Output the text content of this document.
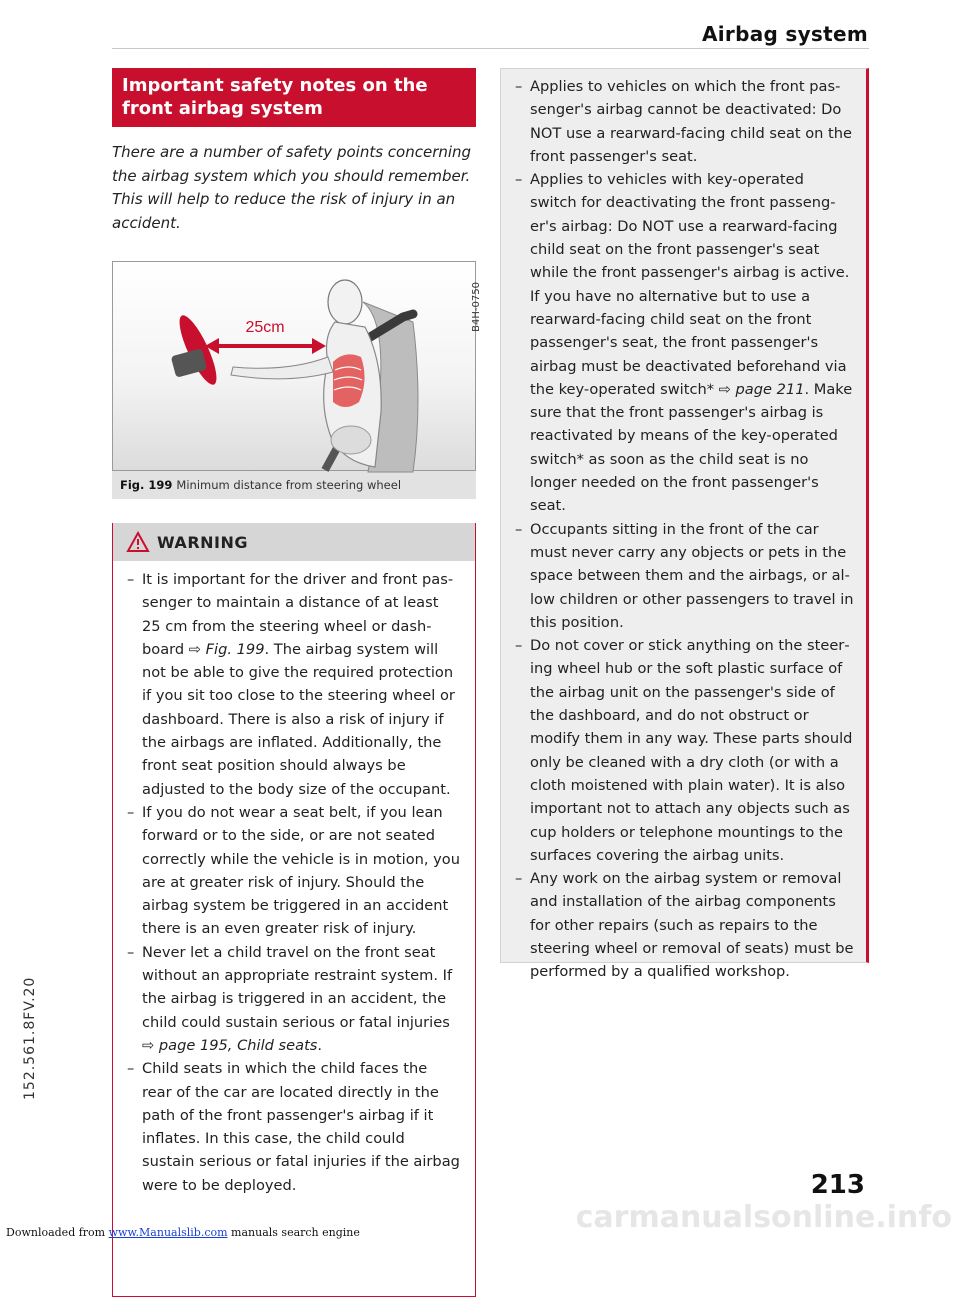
Airbag system
152.561.8FV.20
Important safety notes on the front airbag system

There are a number of safety points concerning the airbag system which you should remember. This will help to reduce the risk of injury in an accident.

25cm	B4H-0750
Fig. 199 Minimum distance from steering wheel
WARNING
– It is important for the driver and front passenger to maintain a distance of at least 25 cm from the steering wheel or dashboard ⇨ Fig. 199. The airbag system will not be able to give the required protection if you sit too close to the steering wheel or dashboard. There is also a risk of injury if the airbags are inflated. Additionally, the front seat position should always be adjusted to the body size of the occupant.
– If you do not wear a seat belt, if you lean forward or to the side, or are not seated correctly while the vehicle is in motion, you are at greater risk of injury. Should the airbag system be triggered in an accident there is an even greater risk of injury.
– Never let a child travel on the front seat without an appropriate restraint system. If the airbag is triggered in an accident, the child could sustain serious or fatal injuries ⇨ page 195, Child seats.
– Child seats in which the child faces the rear of the car are located directly in the path of the front passenger's airbag if it inflates. In this case, the child could sustain serious or fatal injuries if the airbag were to be deployed.
– Applies to vehicles on which the front passenger's airbag cannot be deactivated: Do NOT use a rearward-facing child seat on the front passenger's seat.
– Applies to vehicles with key-operated switch for deactivating the front passenger's airbag: Do NOT use a rearward-facing child seat on the front passenger's seat while the front passenger's airbag is active. If you have no alternative but to use a rearward-facing child seat on the front passenger's seat, the front passenger's airbag must be deactivated beforehand via the key-operated switch* ⇨ page 211. Make sure that the front passenger's airbag is reactivated by means of the key-operated switch* as soon as the child seat is no longer needed on the front passenger's seat.
– Occupants sitting in the front of the car must never carry any objects or pets in the space between them and the airbags, or allow children or other passengers to travel in this position.
– Do not cover or stick anything on the steering wheel hub or the soft plastic surface of the airbag unit on the passenger's side of the dashboard, and do not obstruct or modify them in any way. These parts should only be cleaned with a dry cloth (or with a cloth moistened with plain water). It is also important not to attach any objects such as cup holders or telephone mountings to the surfaces covering the airbag units.
– Any work on the airbag system or removal and installation of the airbag components for other repairs (such as repairs to the steering wheel or removal of seats) must be performed by a qualified workshop.
carmanualsonline.info
213
Downloaded from www.Manualslib.com manuals search engine
